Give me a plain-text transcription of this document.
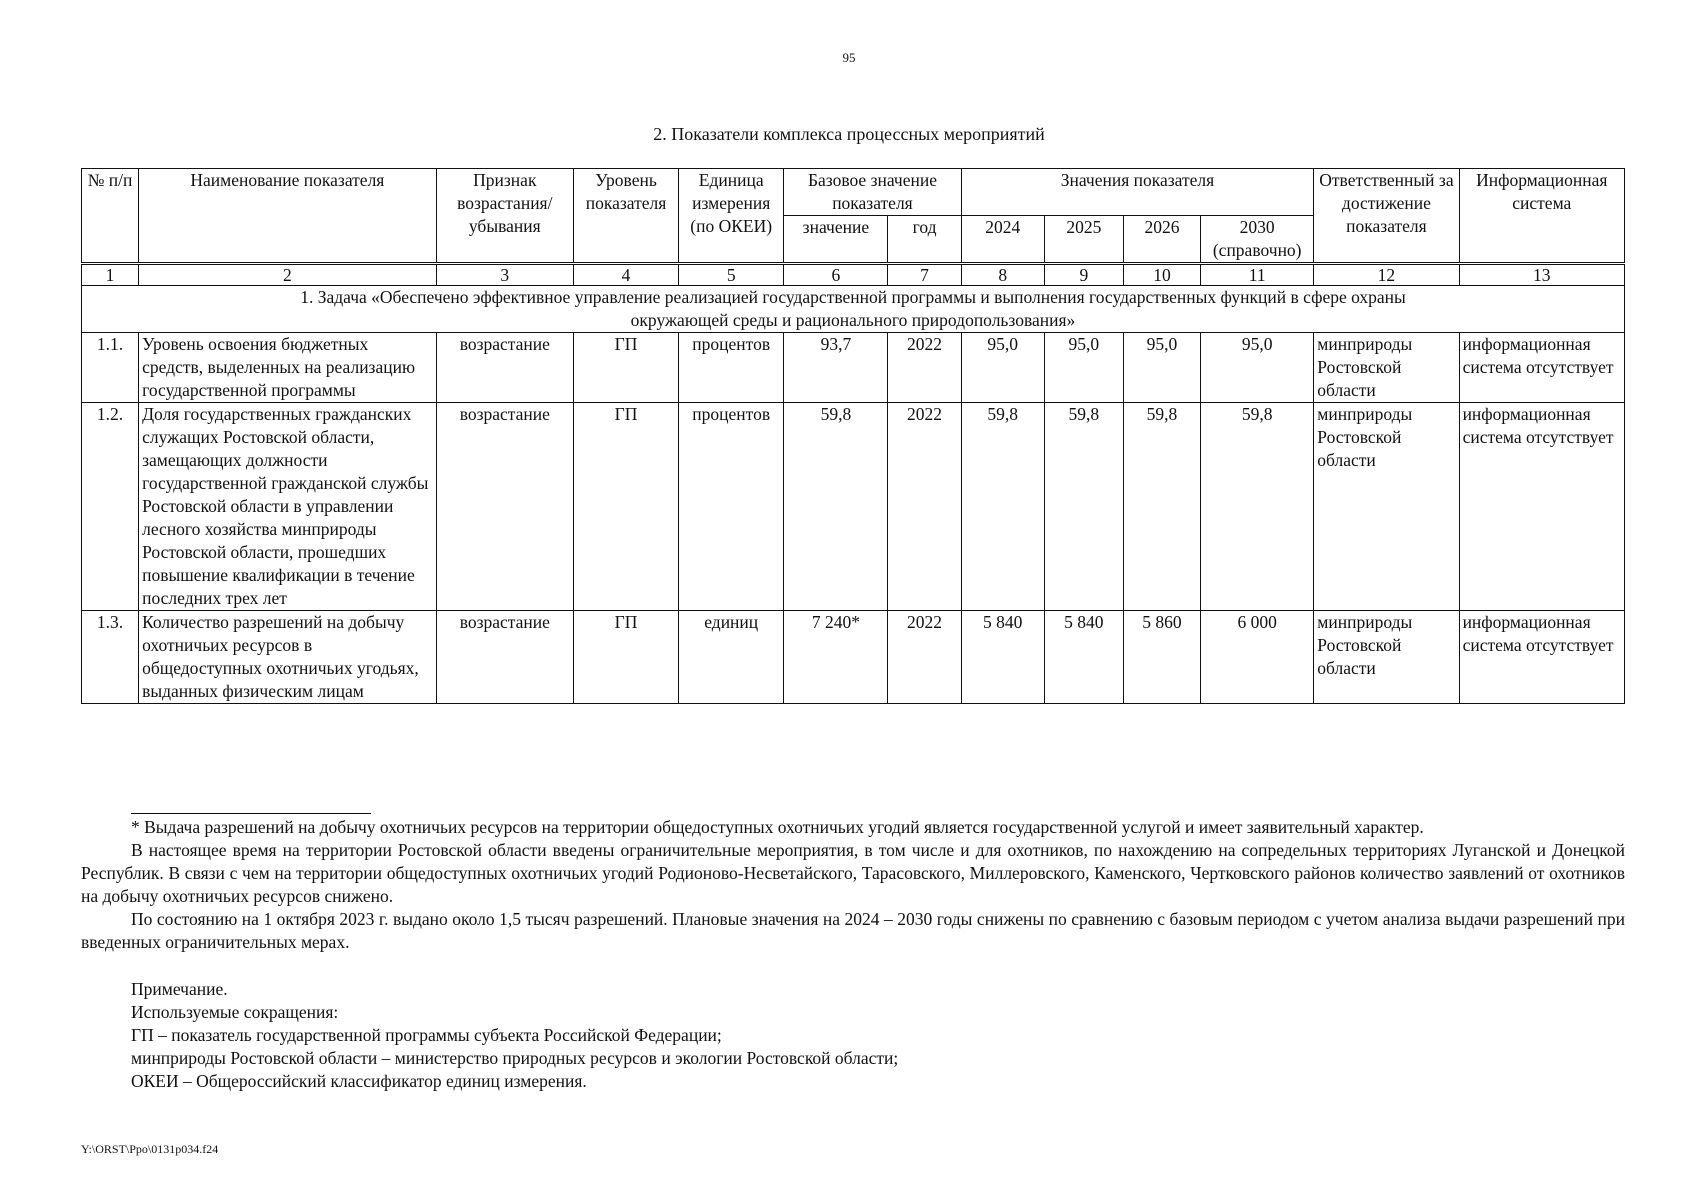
95
2. Показатели комплекса процессных мероприятий
№ п/п	Наименование показателя	Признак возрастания/ убывания	Уровень показателя	Единица измерения (по ОКЕИ)	Базовое значение показателя		Значения показателя				Ответственный за достижение показателя	Информационная система

					значение	год	2024	2025	2026	2030 (справочно)		
1	2	3	4	5	6	7	8	9	10	11	12	13
1. Задача «Обеспечено эффективное управление реализацией государственной программы и выполнения государственных функций в сфере охраны окружающей среды и рационального природопользования»												
1.1.	Уровень освоения бюджетных средств, выделенных на реализацию государственной программы	возрастание	ГП	процентов	93,7	2022	95,0	95,0	95,0	95,0	минприроды Ростовской области	информационная система отсутствует
1.2.	Доля государственных гражданских служащих Ростовской области, замещающих должности государственной гражданской службы Ростовской области в управлении лесного хозяйства минприроды Ростовской области, прошедших повышение квалификации в течение последних трех лет	возрастание	ГП	процентов	59,8	2022	59,8	59,8	59,8	59,8	минприроды Ростовской области	информационная система отсутствует
1.3.	Количество разрешений на добычу охотничьих ресурсов в общедоступных охотничьих угодьях, выданных физическим лицам	возрастание	ГП	единиц	7 240*	2022	5 840	5 840	5 860	6 000	минприроды Ростовской области	информационная система отсутствует

* Выдача разрешений на добычу охотничьих ресурсов на территории общедоступных охотничьих угодий является государственной услугой и имеет заявительный характер.

В настоящее время на территории Ростовской области введены ограничительные мероприятия, в том числе и для охотников, по нахождению на сопредельных территориях Луганской и Донецкой Республик. В связи с чем на территории общедоступных охотничьих угодий Родионово-Несветайского, Тарасовского, Миллеровского, Каменского, Чертковского районов количество заявлений от охотников на добычу охотничьих ресурсов снижено.

По состоянию на 1 октября 2023 г. выдано около 1,5 тысяч разрешений. Плановые значения на 2024 – 2030 годы снижены по сравнению с базовым периодом с учетом анализа выдачи разрешений при введенных ограничительных мерах.

Примечание.

Используемые сокращения:

ГП – показатель государственной программы субъекта Российской Федерации;

минприроды Ростовской области – министерство природных ресурсов и экологии Ростовской области;

ОКЕИ – Общероссийский классификатор единиц измерения.

Y:\ORST\Ppo\0131p034.f24
